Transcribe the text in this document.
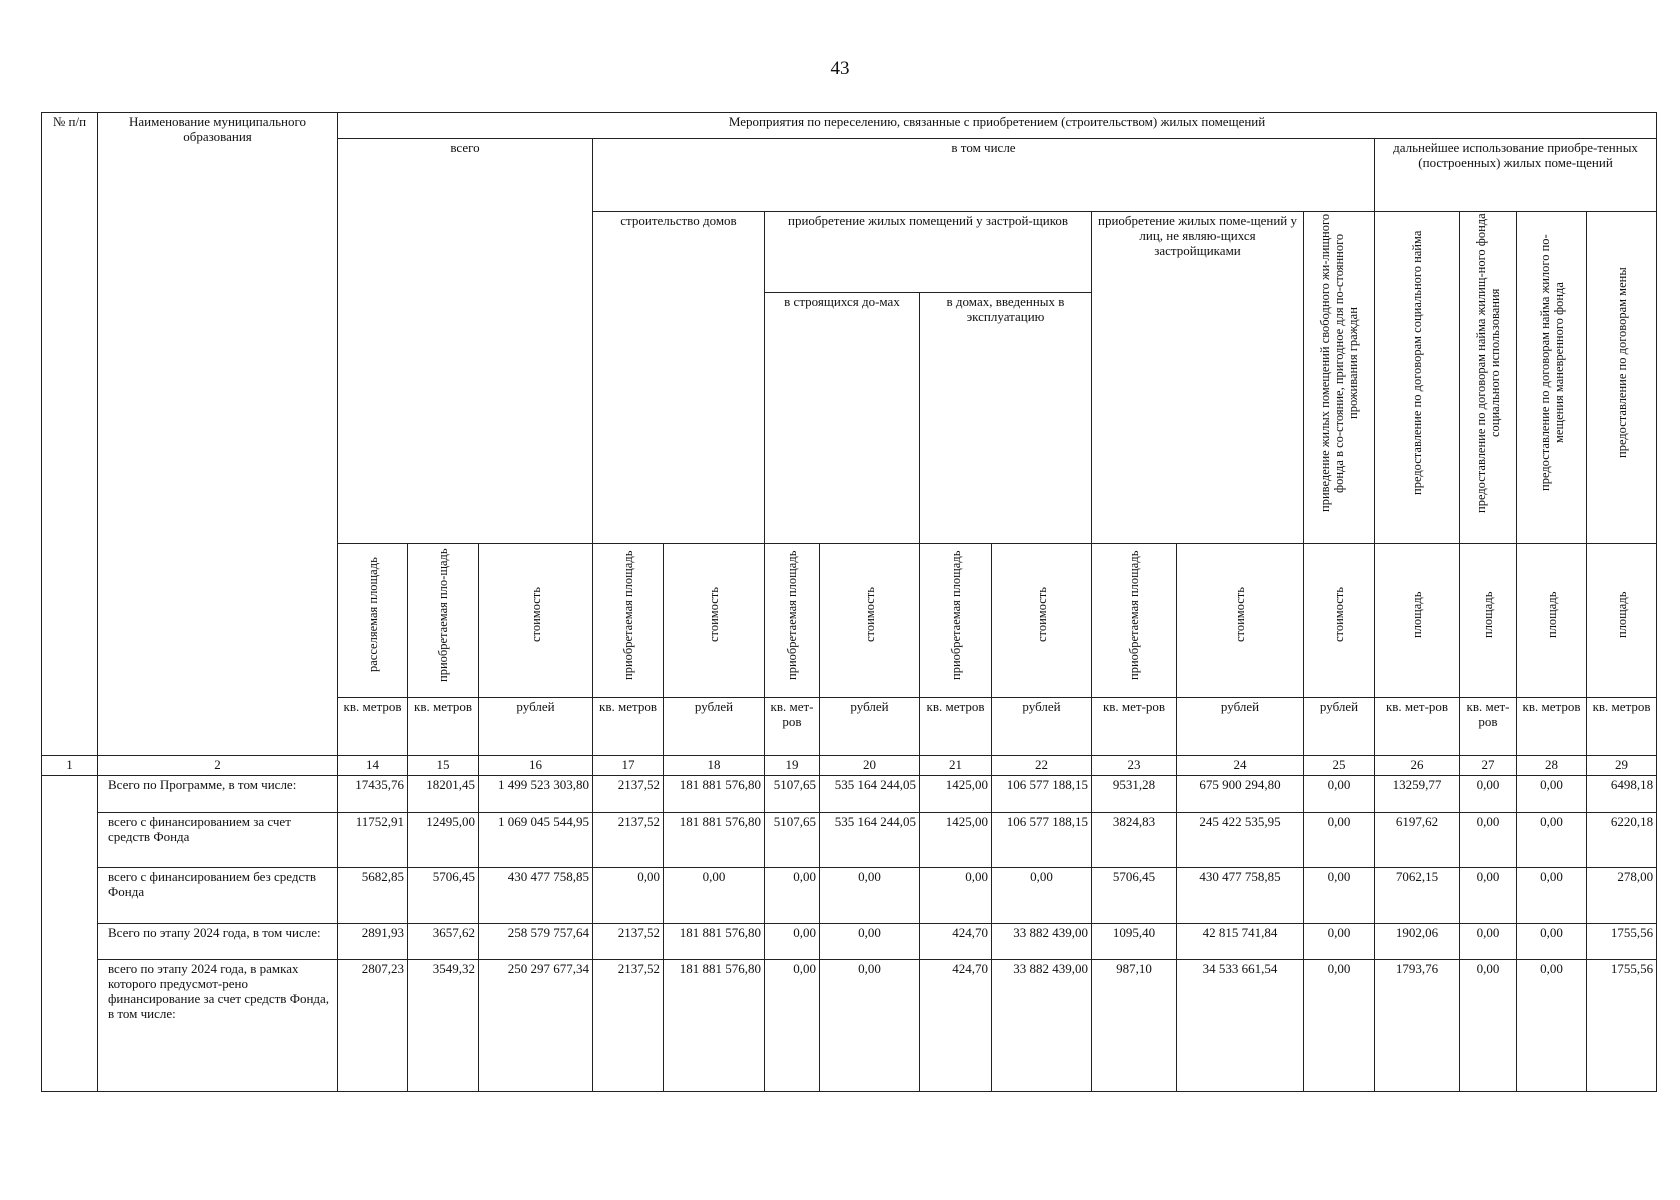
43
№ п/п	Наименование муниципального образования	Мероприятия по переселению, связанные с приобретением (строительством) жилых помещений															
		всего			в том числе									дальнейшее использование приобре-тенных (построенных) жилых поме-щений			
					строительство домов		приобретение жилых помещений у застрой-щиков				приобретение жилых поме-щений у лиц, не являю-щихся застройщиками		приведение жилых помещений свободного жи-лищного фонда в со-стояние, пригодное для по-стоянного проживания граждан	предоставление по договорам социального найма	предоставление по договорам найма жилищ-ного фонда социального использования	предоставление по договорам найма жилого по-мещения маневренного фонда	предоставление по договорам мены
							в строящихся до-мах		в домах, введенных в эксплуатацию								
		расселяемая площадь	приобретаемая пло-щадь	стоимость	приобретаемая площадь	стоимость	приобретаемая площадь	стоимость	приобретаемая площадь	стоимость	приобретаемая площадь	стоимость	стоимость	площадь	площадь	площадь	площадь
		кв. метров	кв. метров	рублей	кв. метров	рублей	кв. мет-ров	рублей	кв. метров	рублей	кв. мет-ров	рублей	рублей	кв. мет-ров	кв. мет-ров	кв. метров	кв. метров
1	2	14	15	16	17	18	19	20	21	22	23	24	25	26	27	28	29
	Всего по Программе, в том числе:	17435,76	18201,45	1 499 523 303,80	2137,52	181 881 576,80	5107,65	535 164 244,05	1425,00	106 577 188,15	9531,28	675 900 294,80	0,00	13259,77	0,00	0,00	6498,18
	всего с финансированием за счет средств Фонда	11752,91	12495,00	1 069 045 544,95	2137,52	181 881 576,80	5107,65	535 164 244,05	1425,00	106 577 188,15	3824,83	245 422 535,95	0,00	6197,62	0,00	0,00	6220,18
	всего с финансированием без средств Фонда	5682,85	5706,45	430 477 758,85	0,00	0,00	0,00	0,00	0,00	0,00	5706,45	430 477 758,85	0,00	7062,15	0,00	0,00	278,00
	Всего по этапу 2024 года, в том числе:	2891,93	3657,62	258 579 757,64	2137,52	181 881 576,80	0,00	0,00	424,70	33 882 439,00	1095,40	42 815 741,84	0,00	1902,06	0,00	0,00	1755,56
	всего по этапу 2024 года, в рамках которого предусмот-рено финансирование за счет средств Фонда, в том числе:	2807,23	3549,32	250 297 677,34	2137,52	181 881 576,80	0,00	0,00	424,70	33 882 439,00	987,10	34 533 661,54	0,00	1793,76	0,00	0,00	1755,56
